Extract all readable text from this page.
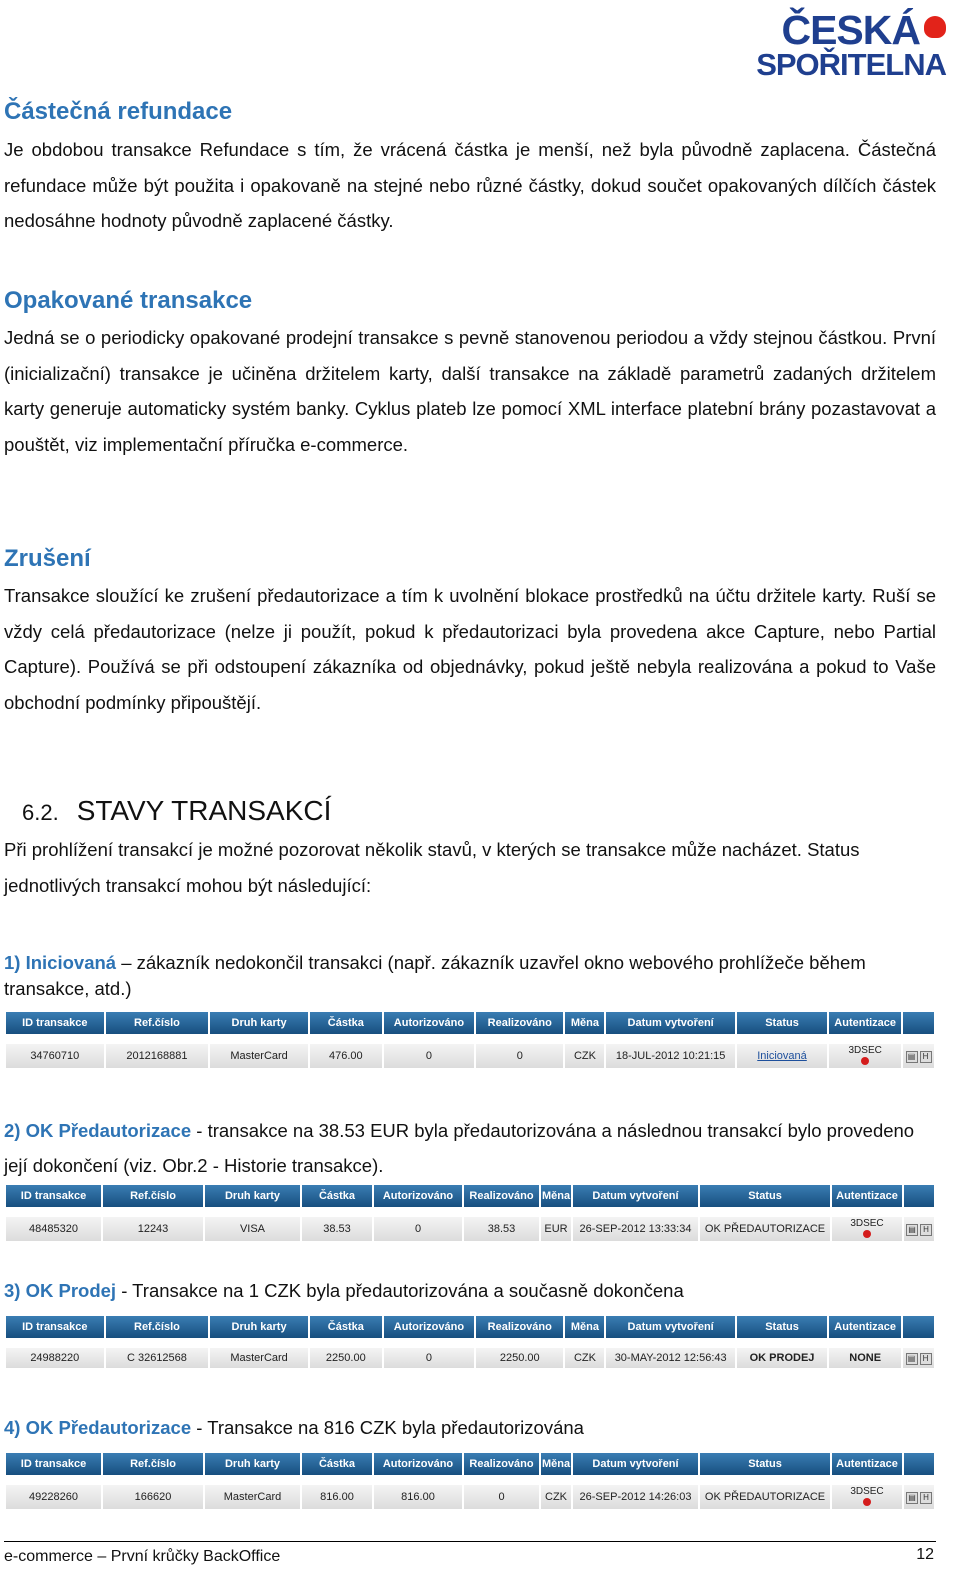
ČESKÁ
SPOŘITELNA
Částečná refundace

Je obdobou transakce Refundace s tím, že vrácená částka je menší, než byla původně zaplacena. Částečná refundace může být použita i opakovaně na stejné nebo různé částky, dokud součet opakovaných dílčích částek nedosáhne hodnoty původně zaplacené částky.

Opakované transakce

Jedná se o periodicky opakované prodejní transakce s pevně stanovenou periodou a vždy stejnou částkou. První (inicializační) transakce je učiněna držitelem karty, další transakce na základě parametrů zadaných držitelem karty generuje automaticky systém banky. Cyklus plateb lze pomocí XML interface platební brány pozastavovat a pouštět, viz implementační příručka e-commerce.

Zrušení

Transakce sloužící ke zrušení předautorizace a tím k uvolnění blokace prostředků na účtu držitele karty. Ruší se vždy celá předautorizace (nelze ji použít, pokud k předautorizaci byla provedena akce Capture, nebo Partial Capture). Používá se při odstoupení zákazníka od objednávky, pokud ještě nebyla realizována a pokud to Vaše obchodní podmínky připouštějí.

6.2. STAVY TRANSAKCÍ

Při prohlížení transakcí je možné pozorovat několik stavů, v kterých se transakce může nacházet. Status jednotlivých transakcí mohou být následující:

1) Iniciovaná – zákazník nedokončil transakci (např. zákazník uzavřel okno webového prohlížeče během transakce, atd.)

ID transakce	Ref.číslo	Druh karty	Částka	Autorizováno	Realizováno	Měna	Datum vytvoření	Status	Autentizace	

34760710	2012168881	MasterCard	476.00	0	0	CZK	18-JUL-2012 10:21:15	Iniciovaná	3DSEC	▤ H

2) OK Předautorizace - transakce na 38.53 EUR byla předautorizována a následnou transakcí bylo provedeno její dokončení (viz. Obr.2 - Historie transakce).

ID transakce	Ref.číslo	Druh karty	Částka	Autorizováno	Realizováno	Měna	Datum vytvoření	Status	Autentizace	

48485320	12243	VISA	38.53	0	38.53	EUR	26-SEP-2012 13:33:34	OK PŘEDAUTORIZACE	3DSEC	▤ H

3) OK Prodej - Transakce na 1 CZK byla předautorizována a současně dokončena

ID transakce	Ref.číslo	Druh karty	Částka	Autorizováno	Realizováno	Měna	Datum vytvoření	Status	Autentizace	

24988220	C 32612568	MasterCard	2250.00	0	2250.00	CZK	30-MAY-2012 12:56:43	OK PRODEJ	NONE	▤ H

4) OK Předautorizace - Transakce na 816 CZK byla předautorizována

ID transakce	Ref.číslo	Druh karty	Částka	Autorizováno	Realizováno	Měna	Datum vytvoření	Status	Autentizace	

49228260	166620	MasterCard	816.00	816.00	0	CZK	26-SEP-2012 14:26:03	OK PŘEDAUTORIZACE	3DSEC	▤ H
e-commerce – První krůčky BackOffice	12
